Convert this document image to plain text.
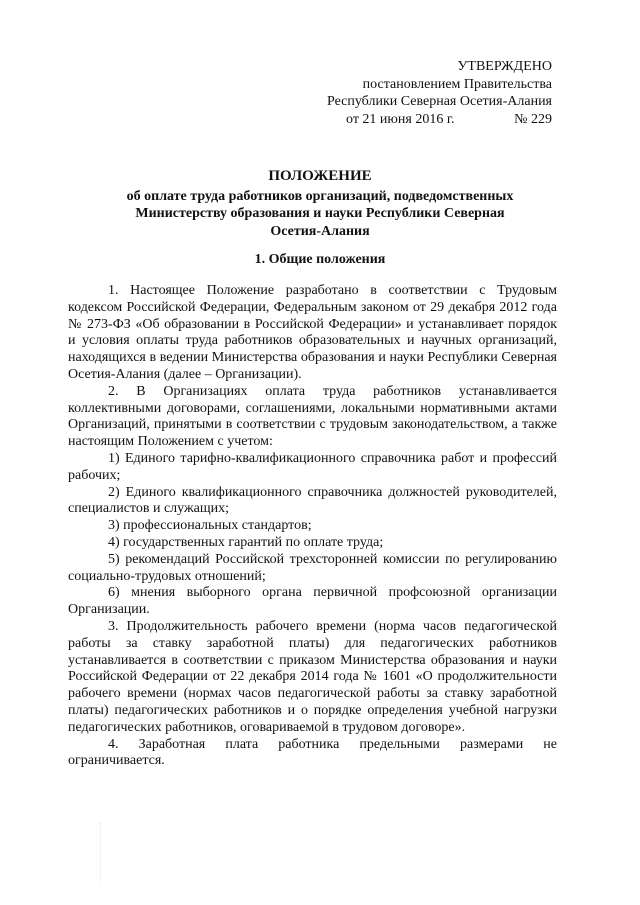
УТВЕРЖДЕНО
постановлением Правительства
Республики Северная Осетия-Алания
от 21 июня 2016 г.	№ 229
ПОЛОЖЕНИЕ
об оплате труда работников организаций, подведомственных
Министерству образования и науки Республики Северная
Осетия-Алания
1. Общие положения

1. Настоящее Положение разработано в соответствии с Трудовым кодексом Российской Федерации, Федеральным законом от 29 декабря 2012 года № 273-ФЗ «Об образовании в Российской Федерации» и устанавливает порядок и условия оплаты труда работников образовательных и научных организаций, находящихся в ведении Министерства образования и науки Республики Северная Осетия-Алания (далее – Организации).

2. В Организациях оплата труда работников устанавливается коллективными договорами, соглашениями, локальными нормативными актами Организаций, принятыми в соответствии с трудовым законодательством, а также настоящим Положением с учетом:

1) Единого тарифно-квалификационного справочника работ и профессий рабочих;

2) Единого квалификационного справочника должностей руководителей, специалистов и служащих;

3) профессиональных стандартов;

4) государственных гарантий по оплате труда;

5) рекомендаций Российской трехсторонней комиссии по регулированию социально-трудовых отношений;

6) мнения выборного органа первичной профсоюзной организации Организации.

3. Продолжительность рабочего времени (норма часов педагогической работы за ставку заработной платы) для педагогических работников устанавливается в соответствии с приказом Министерства образования и науки Российской Федерации от 22 декабря 2014 года № 1601 «О продолжительности рабочего времени (нормах часов педагогической работы за ставку заработной платы) педагогических работников и о порядке определения учебной нагрузки педагогических работников, оговариваемой в трудовом договоре».

4. Заработная плата работника предельными размерами не ограничивается.
